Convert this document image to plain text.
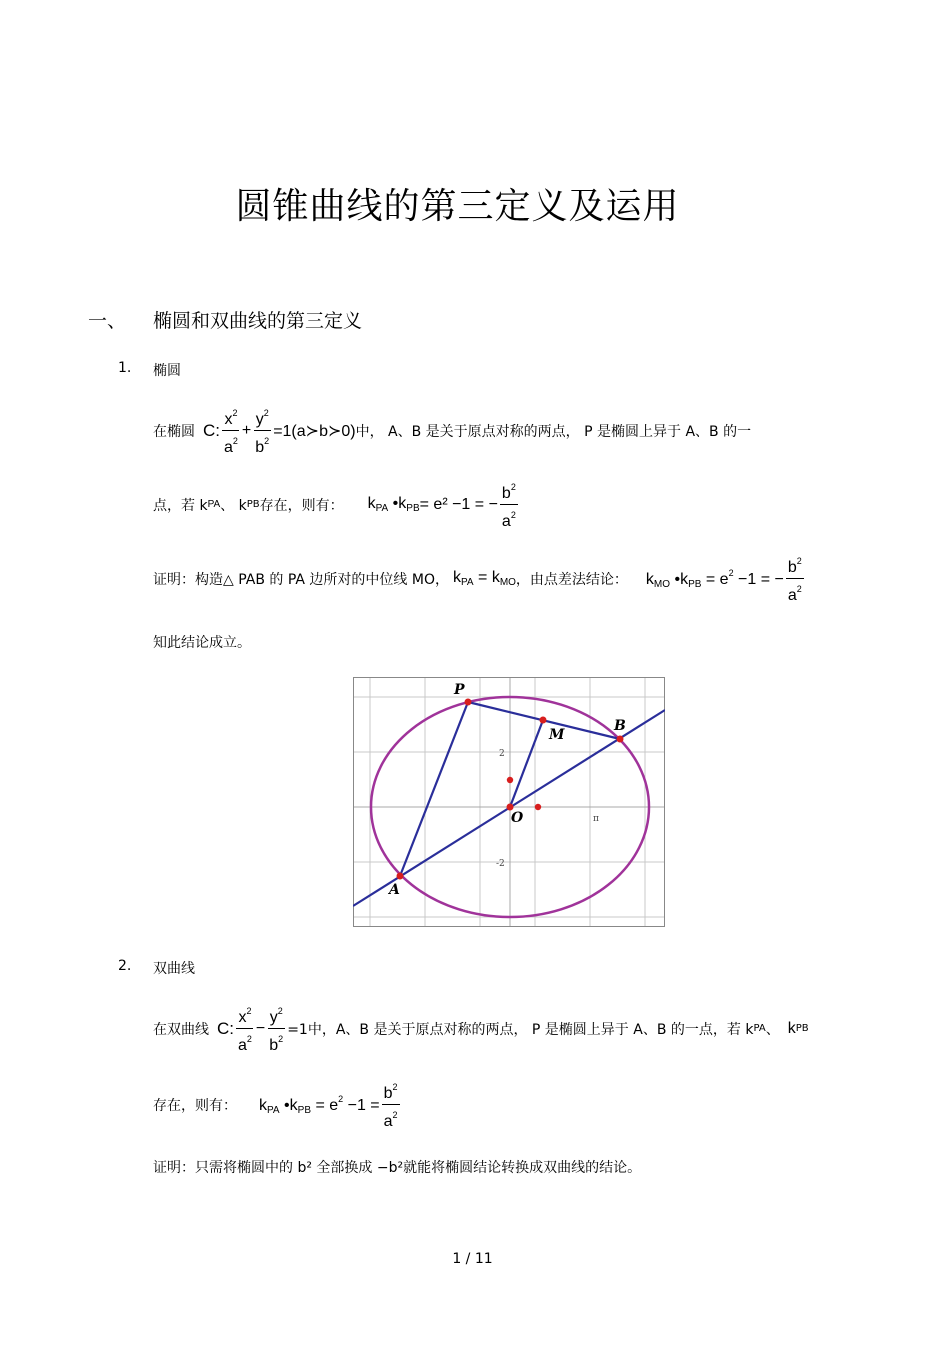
圆锥曲线的第三定义及运用
一、 椭圆和双曲线的第三定义
1. 椭圆
在椭圆 C: $\frac{x^2}{a^2} + \frac{y^2}{b^2}$ =1(a≻b≻0) 中， A、B 是关于原点对称的两点， P 是椭圆上异于 A、B 的一
点，若 k PA 、 k PB 存在，则有： $k_{PA}$ $•k_{PB} = e^2 -1$ = − $\frac{b^2}{a^2}$
证明：构造△ PAB 的 PA 边所对的中位线 MO， $k_{PA} = k_{MO}$ ，由点差法结论： $k_{MO}$ $•k_{PB} = e^2 -1$ = − $\frac{b^2}{a^2}$
知此结论成立。
P
M
B
O
A
2
-2
π
2. 双曲线
在双曲线 C: $\frac{x^2}{a^2} - \frac{y^2}{b^2} =1$中，A、B 是关于原点对称的两点， P 是椭圆上异于 A、B 的一点，若 k PA 、 k PB
存在，则有： $k_{PA}$ $•k_{PB} = e^2 -1 = \frac{b^2}{a^2}$
证明：只需将椭圆中的 b² 全部换成 −b²就能将椭圆结论转换成双曲线的结论。
1 / 11
